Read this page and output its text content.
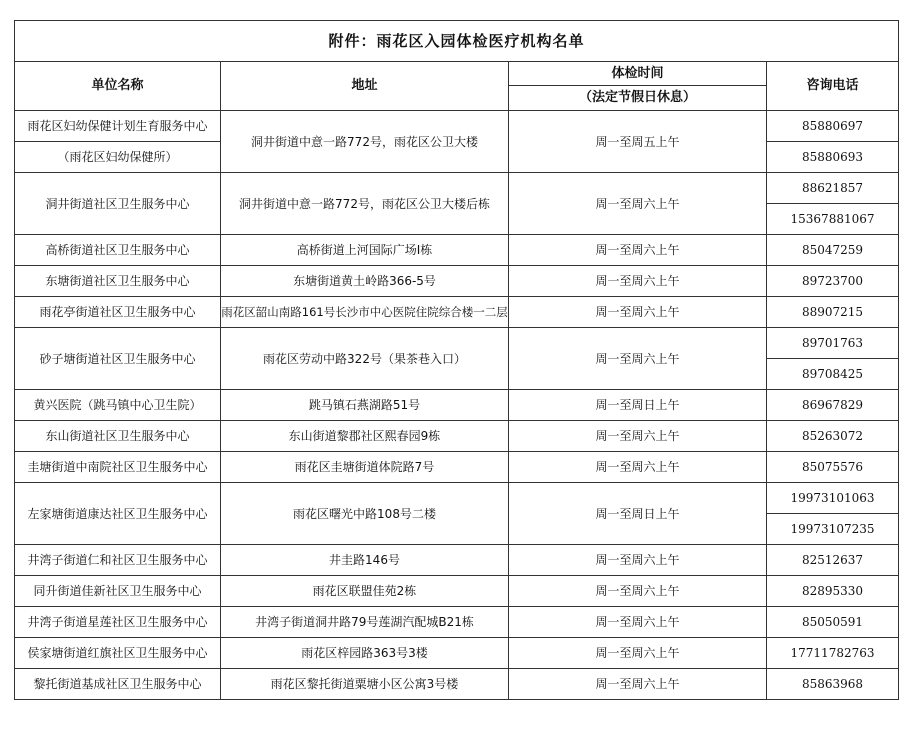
附件：雨花区入园体检医疗机构名单			
单位名称	地址	体检时间	咨询电话
		（法定节假日休息）	
雨花区妇幼保健计划生育服务中心	洞井街道中意一路772号，雨花区公卫大楼	周一至周五上午	85880697
（雨花区妇幼保健所）			85880693
洞井街道社区卫生服务中心	洞井街道中意一路772号，雨花区公卫大楼后栋	周一至周六上午	88621857
			15367881067
高桥街道社区卫生服务中心	高桥街道上河国际广场I栋	周一至周六上午	85047259
东塘街道社区卫生服务中心	东塘街道黄土岭路366-5号	周一至周六上午	89723700
雨花亭街道社区卫生服务中心	雨花区韶山南路161号长沙市中心医院住院综合楼一二层	周一至周六上午	88907215
砂子塘街道社区卫生服务中心	雨花区劳动中路322号（果茶巷入口）	周一至周六上午	89701763
			89708425
黄兴医院（跳马镇中心卫生院）	跳马镇石燕湖路51号	周一至周日上午	86967829
东山街道社区卫生服务中心	东山街道黎郡社区熙春园9栋	周一至周六上午	85263072
圭塘街道中南院社区卫生服务中心	雨花区圭塘街道体院路7号	周一至周六上午	85075576
左家塘街道康达社区卫生服务中心	雨花区曙光中路108号二楼	周一至周日上午	19973101063
			19973107235
井湾子街道仁和社区卫生服务中心	井圭路146号	周一至周六上午	82512637
同升街道佳新社区卫生服务中心	雨花区联盟佳苑2栋	周一至周六上午	82895330
井湾子街道星莲社区卫生服务中心	井湾子街道洞井路79号莲湖汽配城B21栋	周一至周六上午	85050591
侯家塘街道红旗社区卫生服务中心	雨花区梓园路363号3楼	周一至周六上午	17711782763
黎托街道基成社区卫生服务中心	雨花区黎托街道粟塘小区公寓3号楼	周一至周六上午	85863968
